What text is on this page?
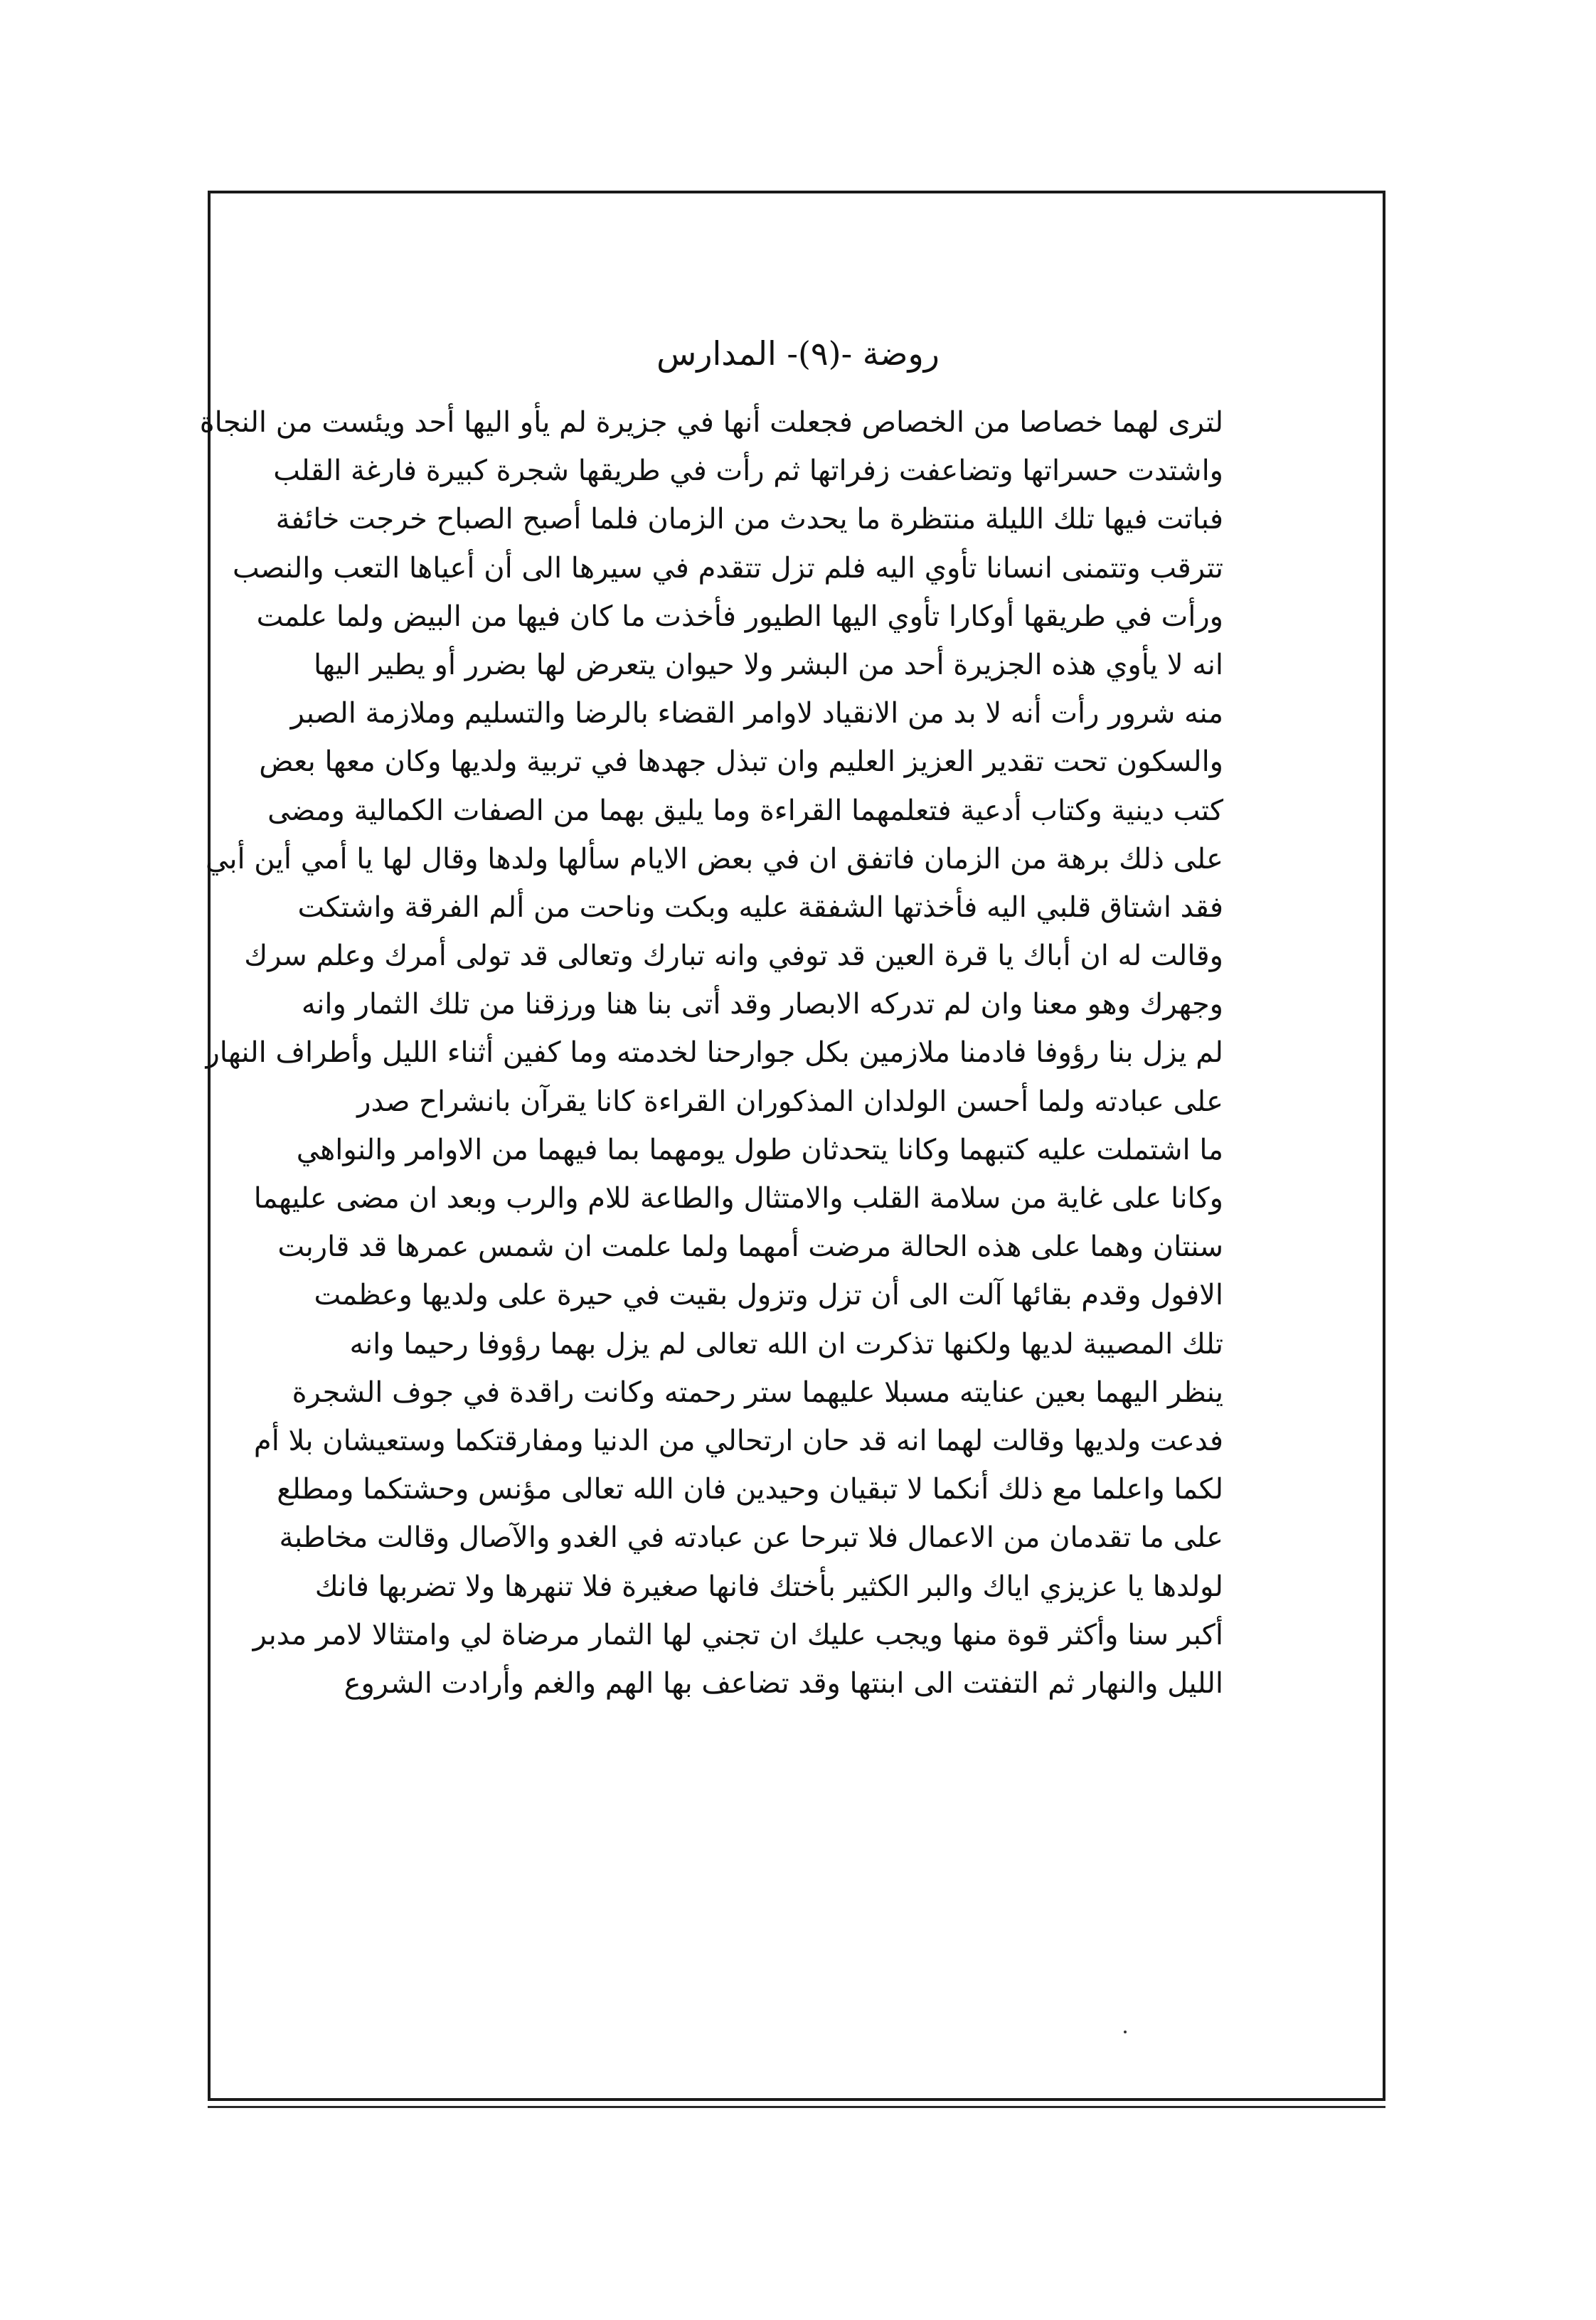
روضة -(٩)- المدارس
لترى لهما خصاصا من الخصاص فجعلت أنها في جزيرة لم يأو اليها أحد ويئست من النجاة
واشتدت حسراتها وتضاعفت زفراتها ثم رأت في طريقها شجرة كبيرة فارغة القلب
فباتت فيها تلك الليلة منتظرة ما يحدث من الزمان فلما أصبح الصباح خرجت خائفة
تترقب وتتمنى انسانا تأوي اليه فلم تزل تتقدم في سيرها الى أن أعياها التعب والنصب
ورأت في طريقها أوكارا تأوي اليها الطيور فأخذت ما كان فيها من البيض ولما علمت
انه لا يأوي هذه الجزيرة أحد من البشر ولا حيوان يتعرض لها بضرر أو يطير اليها
منه شرور رأت أنه لا بد من الانقياد لاوامر القضاء بالرضا والتسليم وملازمة الصبر
والسكون تحت تقدير العزيز العليم وان تبذل جهدها في تربية ولديها وكان معها بعض
كتب دينية وكتاب أدعية فتعلمهما القراءة وما يليق بهما من الصفات الكمالية ومضى
على ذلك برهة من الزمان فاتفق ان في بعض الايام سألها ولدها وقال لها يا أمي أين أبي
فقد اشتاق قلبي اليه فأخذتها الشفقة عليه وبكت وناحت من ألم الفرقة واشتكت
وقالت له ان أباك يا قرة العين قد توفي وانه تبارك وتعالى قد تولى أمرك وعلم سرك
وجهرك وهو معنا وان لم تدركه الابصار وقد أتى بنا هنا ورزقنا من تلك الثمار وانه
لم يزل بنا رؤوفا فادمنا ملازمين بكل جوارحنا لخدمته وما كفين أثناء الليل وأطراف النهار
على عبادته ولما أحسن الولدان المذكوران القراءة كانا يقرآن بانشراح صدر
ما اشتملت عليه كتبهما وكانا يتحدثان طول يومهما بما فيهما من الاوامر والنواهي
وكانا على غاية من سلامة القلب والامتثال والطاعة للام والرب وبعد ان مضى عليهما
سنتان وهما على هذه الحالة مرضت أمهما ولما علمت ان شمس عمرها قد قاربت
الافول وقدم بقائها آلت الى أن تزل وتزول بقيت في حيرة على ولديها وعظمت
تلك المصيبة لديها ولكنها تذكرت ان الله تعالى لم يزل بهما رؤوفا رحيما وانه
ينظر اليهما بعين عنايته مسبلا عليهما ستر رحمته وكانت راقدة في جوف الشجرة
فدعت ولديها وقالت لهما انه قد حان ارتحالي من الدنيا ومفارقتكما وستعيشان بلا أم
لكما واعلما مع ذلك أنكما لا تبقيان وحيدين فان الله تعالى مؤنس وحشتكما ومطلع
على ما تقدمان من الاعمال فلا تبرحا عن عبادته في الغدو والآصال وقالت مخاطبة
لولدها يا عزيزي اياك والبر الكثير بأختك فانها صغيرة فلا تنهرها ولا تضربها فانك
أكبر سنا وأكثر قوة منها ويجب عليك ان تجني لها الثمار مرضاة لي وامتثالا لامر مدبر
الليل والنهار ثم التفتت الى ابنتها وقد تضاعف بها الهم والغم وأرادت الشروع
